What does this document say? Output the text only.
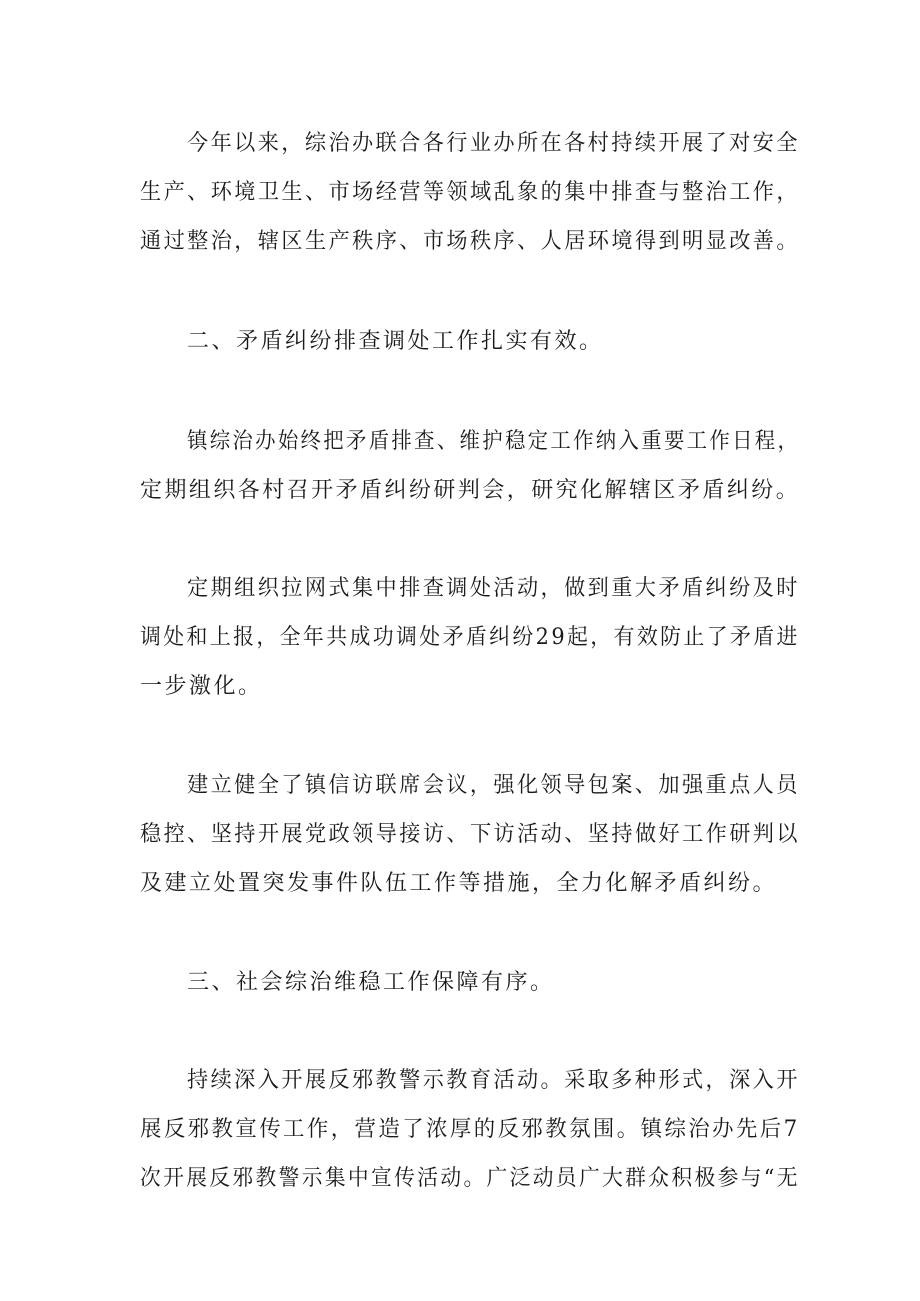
今年以来，综治办联合各行业办所在各村持续开展了对安全

生产、环境卫生、市场经营等领域乱象的集中排查与整治工作，

通过整治，辖区生产秩序、市场秩序、人居环境得到明显改善。

二、矛盾纠纷排查调处工作扎实有效。

镇综治办始终把矛盾排查、维护稳定工作纳入重要工作日程，

定期组织各村召开矛盾纠纷研判会，研究化解辖区矛盾纠纷。

定期组织拉网式集中排查调处活动，做到重大矛盾纠纷及时

调处和上报，全年共成功调处矛盾纠纷29起，有效防止了矛盾进

一步激化。

建立健全了镇信访联席会议，强化领导包案、加强重点人员

稳控、坚持开展党政领导接访、下访活动、坚持做好工作研判以

及建立处置突发事件队伍工作等措施，全力化解矛盾纠纷。

三、社会综治维稳工作保障有序。

持续深入开展反邪教警示教育活动。采取多种形式，深入开

展反邪教宣传工作，营造了浓厚的反邪教氛围。镇综治办先后7

次开展反邪教警示集中宣传活动。广泛动员广大群众积极参与“无
